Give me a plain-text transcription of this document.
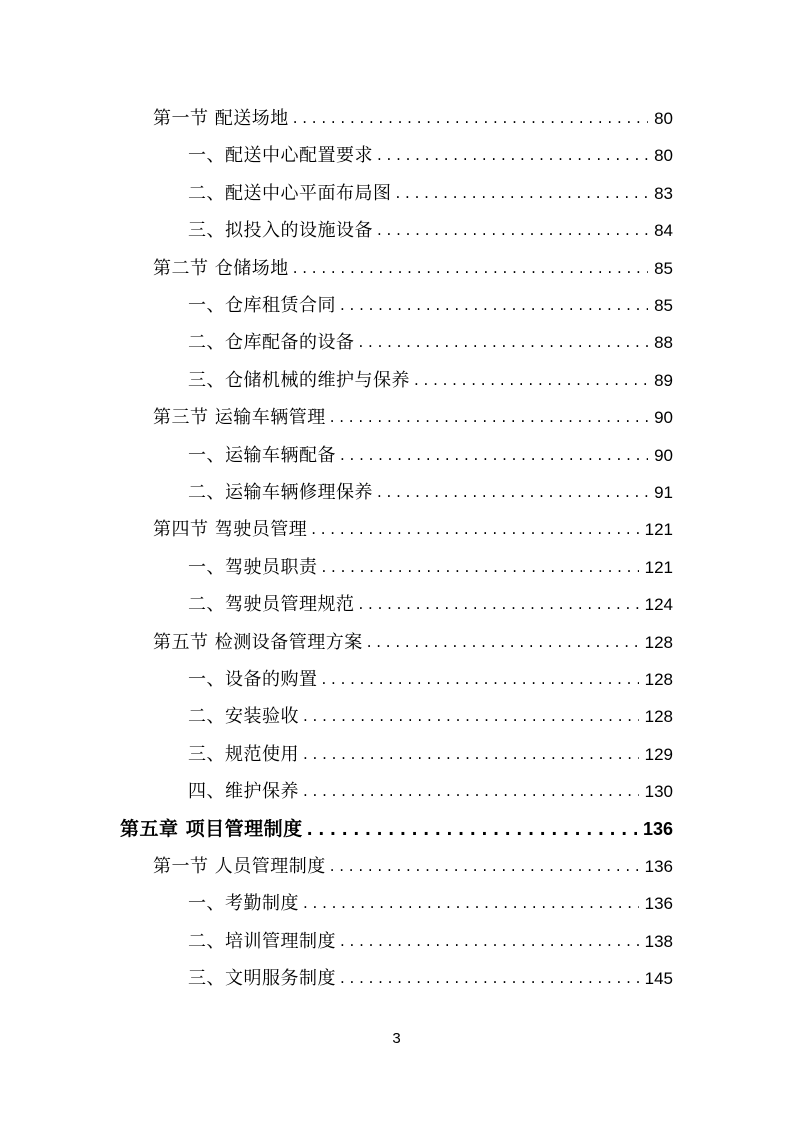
第一节 配送场地 . . .	80
一、配送中心配置要求 . . .	80
二、配送中心平面布局图 . . .	83
三、拟投入的设施设备 . . .	84
第二节 仓储场地 . . .	85
一、仓库租赁合同 . . .	85
二、仓库配备的设备 . . .	88
三、仓储机械的维护与保养 . . .	89
第三节 运输车辆管理 . . .	90
一、运输车辆配备 . . .	90
二、运输车辆修理保养 . . .	91
第四节 驾驶员管理 . . .	121
一、驾驶员职责 . . .	121
二、驾驶员管理规范 . . .	124
第五节 检测设备管理方案 . . .	128
一、设备的购置 . . .	128
二、安装验收 . . .	128
三、规范使用 . . .	129
四、维护保养 . . .	130
第五章 项目管理制度 . . .	136
第一节 人员管理制度 . . .	136
一、考勤制度 . . .	136
二、培训管理制度 . . .	138
三、文明服务制度 . . .	145
3
